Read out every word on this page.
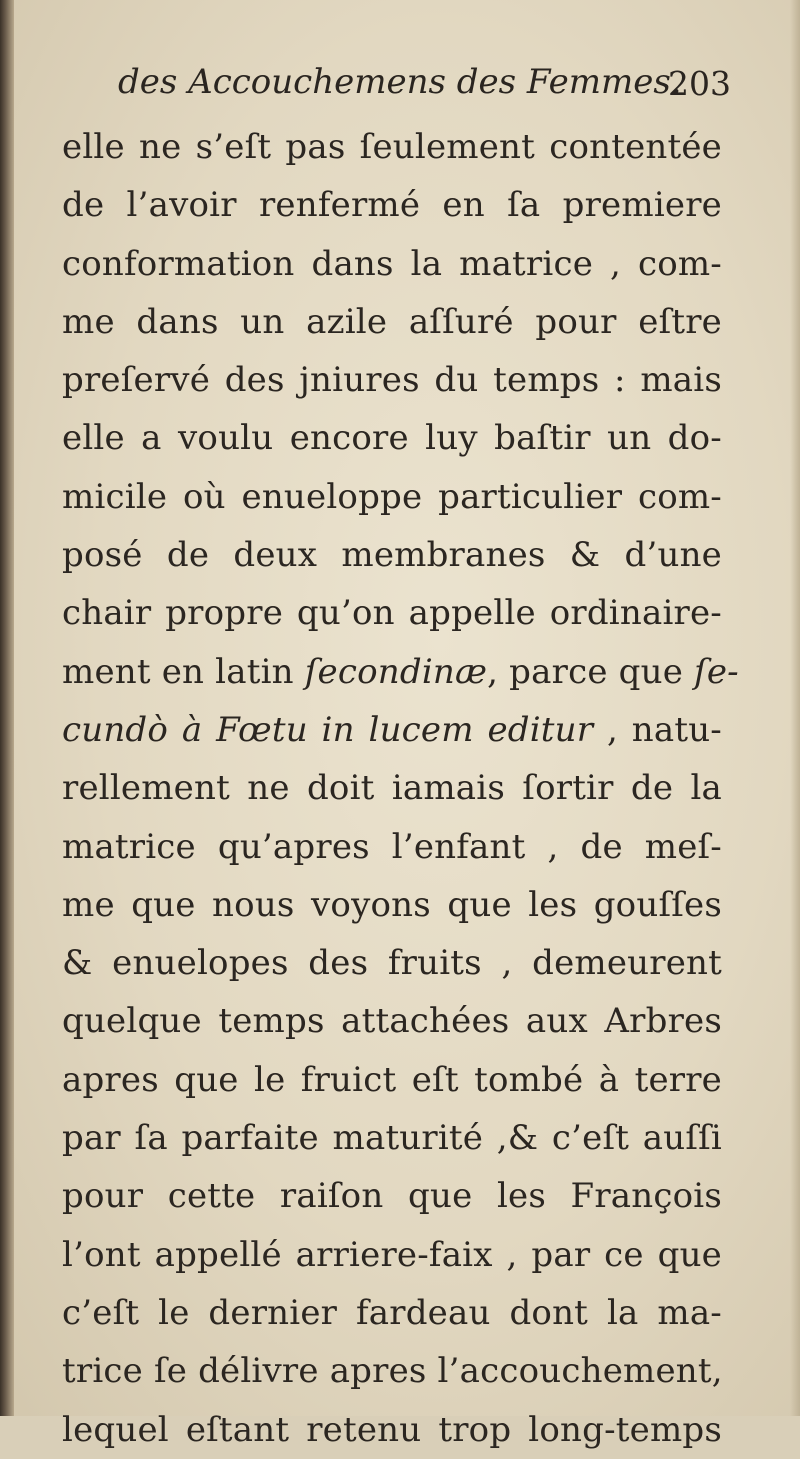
des Accouchemens des Femmes.
203
elle ne s’eſt pas ſeulement contentée
de l’avoir renfermé en ſa premiere
conformation dans la matrice , com-
me dans un azile aſſuré pour eſtre
preſervé des jniures du temps : mais
elle a voulu encore luy baſtir un do-
micile où enueloppe particulier com-
posé de deux membranes & d’une
chair propre qu’on appelle ordinaire-
ment en latin ſecondinæ, parce que ſe-
cundò à Fœtu in lucem editur , natu-
rellement ne doit iamais ſortir de la
matrice qu’apres l’enfant , de meſ-
me que nous voyons que les gouſſes
& enuelopes des fruits , demeurent
quelque temps attachées aux Arbres
apres que le fruict eſt tombé à terre
par ſa parfaite maturité ,& c’eſt auſſi
pour cette raiſon que les François
l’ont appellé arriere-faix , par ce que
c’eſt le dernier fardeau dont la ma-
trice ſe délivre apres l’accouchement,
lequel eſtant retenu trop long-temps
